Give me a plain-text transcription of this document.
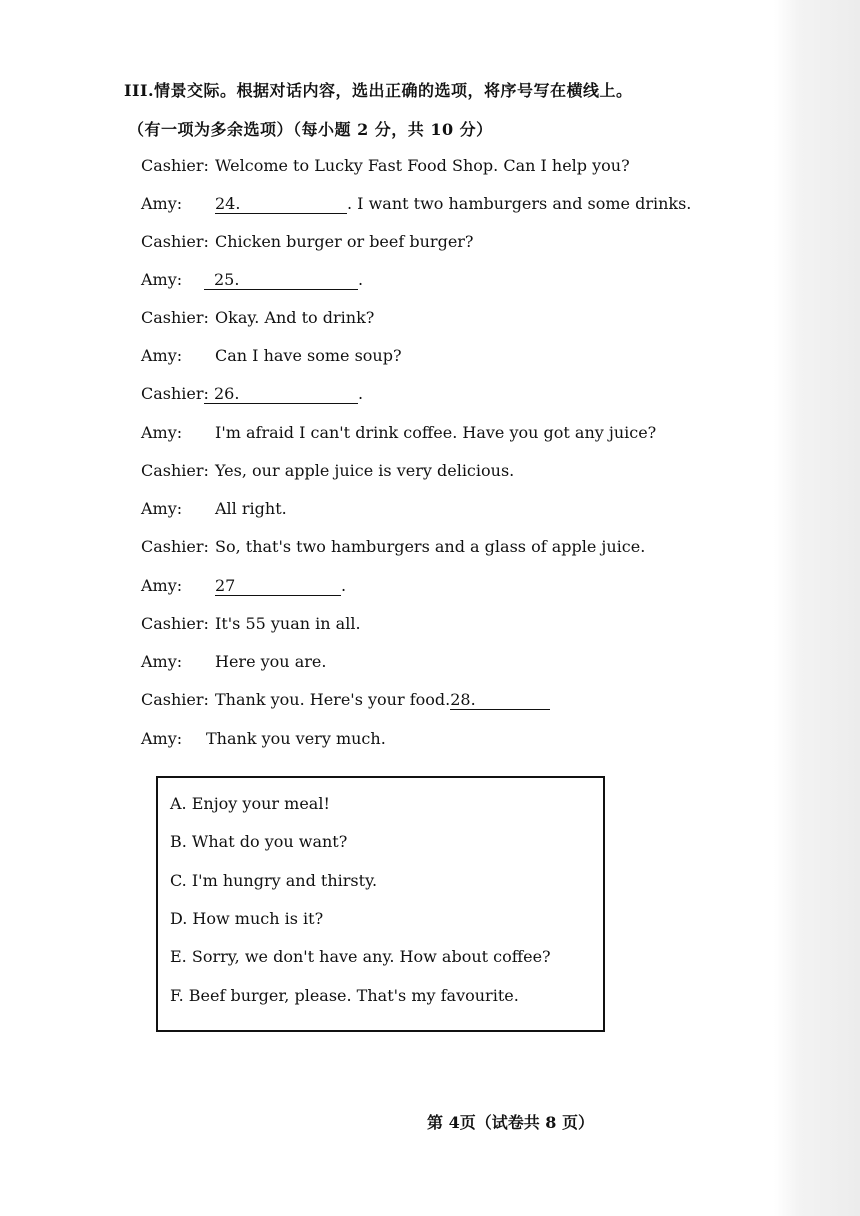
III.情景交际。根据对话内容，选出正确的选项，将序号写在横线上。
（有一项为多余选项）（每小题 2 分，共 10 分）
Cashier: Welcome to Lucky Fast Food Shop. Can I help you?
Amy:	24.	. I want two hamburgers and some drinks.
Cashier: Chicken burger or beef burger?
Amy:	25.	.
Cashier: Okay. And to drink?
Amy:	Can I have some soup?
Cashier: 26.	.
Amy:	I'm afraid I can't drink coffee. Have you got any juice?
Cashier: Yes, our apple juice is very delicious.
Amy:	All right.
Cashier: So, that's two hamburgers and a glass of apple juice.
Amy:	27	.
Cashier: It's 55 yuan in all.
Amy:	Here you are.
Cashier: Thank you. Here's your food. 28.
Amy:	Thank you very much.
A. Enjoy your meal!
B. What do you want?
C. I'm hungry and thirsty.
D. How much is it?
E. Sorry, we don't have any. How about coffee?
F. Beef burger, please. That's my favourite.
第 4页（试卷共 8 页）
